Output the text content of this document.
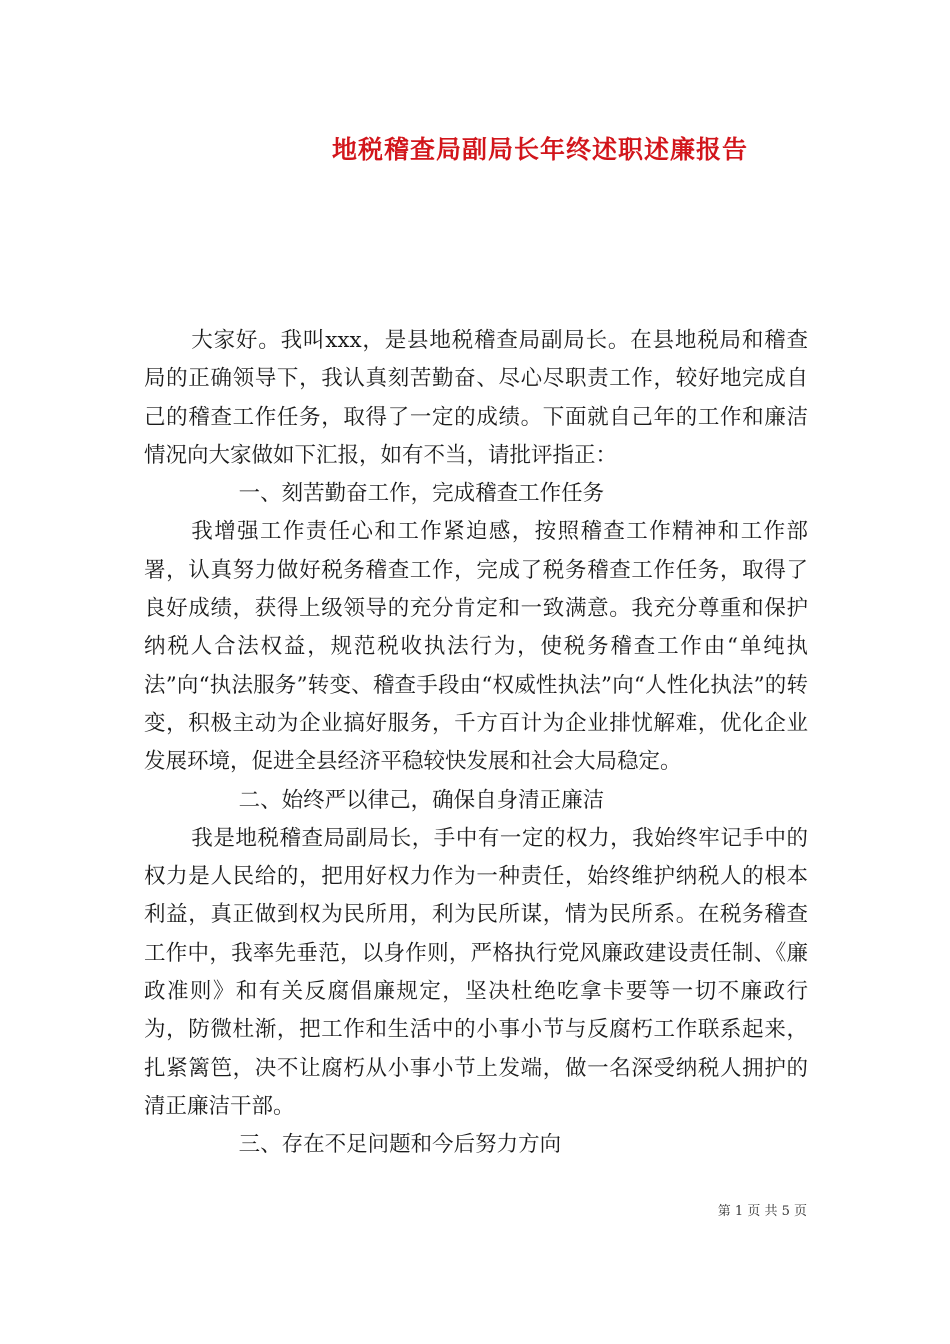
地税稽查局副局长年终述职述廉报告

大家好。我叫xxx，是县地税稽查局副局长。在县地税局和稽查局的正确领导下，我认真刻苦勤奋、尽心尽职责工作，较好地完成自己的稽查工作任务，取得了一定的成绩。下面就自己年的工作和廉洁情况向大家做如下汇报，如有不当，请批评指正：

一、刻苦勤奋工作，完成稽查工作任务

我增强工作责任心和工作紧迫感，按照稽查工作精神和工作部署，认真努力做好税务稽查工作，完成了税务稽查工作任务，取得了良好成绩，获得上级领导的充分肯定和一致满意。我充分尊重和保护纳税人合法权益，规范税收执法行为，使税务稽查工作由“单纯执法”向“执法服务”转变、稽查手段由“权威性执法”向“人性化执法”的转变，积极主动为企业搞好服务，千方百计为企业排忧解难，优化企业发展环境，促进全县经济平稳较快发展和社会大局稳定。

二、始终严以律己，确保自身清正廉洁

我是地税稽查局副局长，手中有一定的权力，我始终牢记手中的权力是人民给的，把用好权力作为一种责任，始终维护纳税人的根本利益，真正做到权为民所用，利为民所谋，情为民所系。在税务稽查工作中，我率先垂范，以身作则，严格执行党风廉政建设责任制、《廉政准则》和有关反腐倡廉规定，坚决杜绝吃拿卡要等一切不廉政行为，防微杜渐，把工作和生活中的小事小节与反腐朽工作联系起来，扎紧篱笆，决不让腐朽从小事小节上发端，做一名深受纳税人拥护的清正廉洁干部。

三、存在不足问题和今后努力方向

第 1 页 共 5 页
